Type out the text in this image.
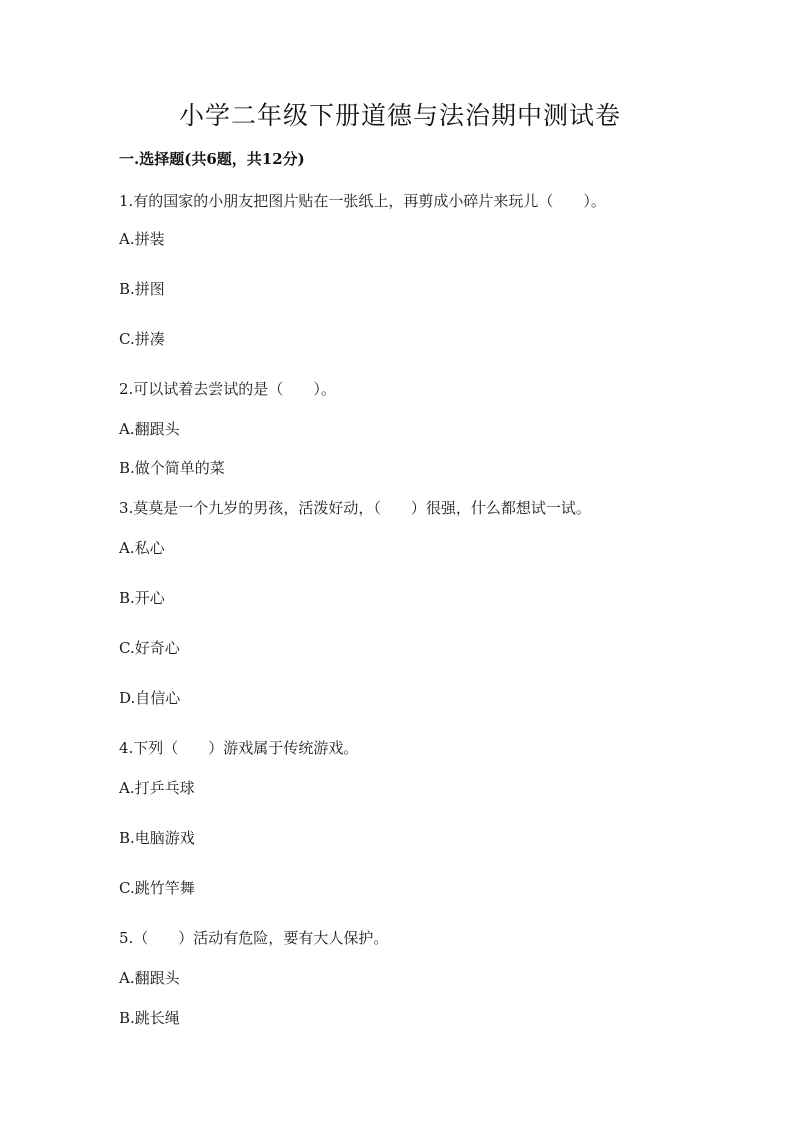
小学二年级下册道德与法治期中测试卷
一.选择题(共6题，共12分)
1.有的国家的小朋友把图片贴在一张纸上，再剪成小碎片来玩儿（　　）。
A.拼装
B.拼图
C.拼凑
2.可以试着去尝试的是（　　）。
A.翻跟头
B.做个简单的菜
3.莫莫是一个九岁的男孩，活泼好动，（　　）很强，什么都想试一试。
A.私心
B.开心
C.好奇心
D.自信心
4.下列（　　）游戏属于传统游戏。
A.打乒乓球
B.电脑游戏
C.跳竹竿舞
5.（　　）活动有危险，要有大人保护。
A.翻跟头
B.跳长绳
